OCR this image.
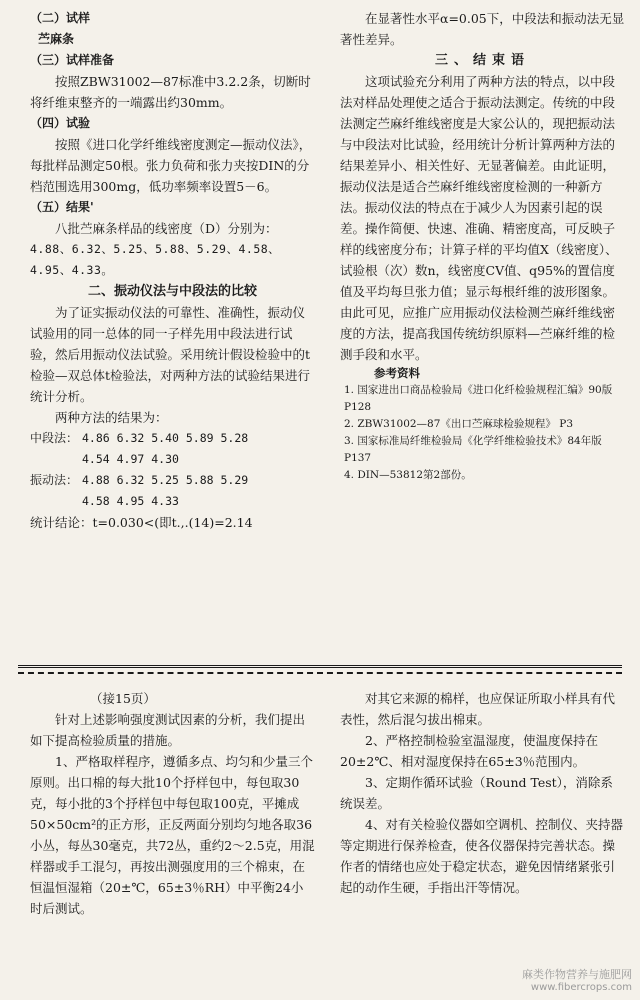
（二）试样

苎麻条

（三）试样准备

按照ZBW31002—87标准中3.2.2条，切断时将纤维束整齐的一端露出约30mm。

（四）试验

按照《进口化学纤维线密度测定—振动仪法》，每批样品测定50根。张力负荷和张力夹按DIN的分档范围选用300mg，低功率频率设置5－6。

（五）结果'

八批苎麻条样品的线密度（D）分别为：

4.88、6.32、5.25、5.88、5.29、4.58、4.95、4.33。

二、振动仪法与中段法的比较

为了证实振动仪法的可靠性、准确性，振动仪试验用的同一总体的同一子样先用中段法进行试验，然后用振动仪法试验。采用统计假设检验中的t检验—双总体t检验法，对两种方法的试验结果进行统计分析。

两种方法的结果为：

中段法： 4.86 6.32 5.40 5.89 5.28
4.54 4.97 4.30
振动法： 4.88 6.32 5.25 5.88 5.29
4.58 4.95 4.33

统计结论：t=0.030<(即t.,.(14)=2.14

在显著性水平α=0.05下，中段法和振动法无显著性差异。

三、结束语

这项试验充分利用了两种方法的特点，以中段法对样品处理使之适合于振动法测定。传统的中段法测定苎麻纤维线密度是大家公认的，现把振动法与中段法对比试验，经用统计分析计算两种方法的结果差异小、相关性好、无显著偏差。由此证明，振动仪法是适合苎麻纤维线密度检测的一种新方法。振动仪法的特点在于减少人为因素引起的误差。操作简便、快速、准确、精密度高，可反映子样的线密度分布；计算子样的平均值X（线密度）、试验根（次）数n，线密度CV值、q95%的置信度值及平均每旦张力值；显示每根纤维的波形图象。由此可见，应推广应用振动仪法检测苎麻纤维线密度的方法，提高我国传统纺织原料—苎麻纤维的检测手段和水平。

参考资料

1. 国家进出口商品检验局《进口化纤检验规程汇编》90版 P128

2. ZBW31002—87《出口苎麻球检验规程》 P3

3. 国家标准局纤维检验局《化学纤维检验技术》84年版 P137

4. DIN—53812第2部份。

（接15页）

针对上述影响强度测试因素的分析，我们提出如下提高检验质量的措施。

1、严格取样程序，遵循多点、均匀和少量三个原则。出口棉的每大批10个抒样包中，每包取30克，每小批的3个抒样包中每包取100克，平摊成50×50cm²的正方形，正反两面分别均匀地各取36小丛，每丛30毫克，共72丛，重约2～2.5克，用混样器或手工混匀，再按出测强度用的三个棉束，在恒温恒湿箱（20±℃，65±3％RH）中平衡24小时后测试。

对其它来源的棉样，也应保证所取小样具有代表性，然后混匀拔出棉束。

2、严格控制检验室温湿度，使温度保持在20±2℃、相对湿度保持在65±3％范围内。

3、定期作循环试验（Round Test），消除系统误差。

4、对有关检验仪器如空调机、控制仪、夹持器等定期进行保养检查，使各仪器保持完善状态。操作者的情绪也应处于稳定状态，避免因情绪紧张引起的动作生硬，手指出汗等情况。

麻类作物营养与施肥网
www.fibercrops.com
